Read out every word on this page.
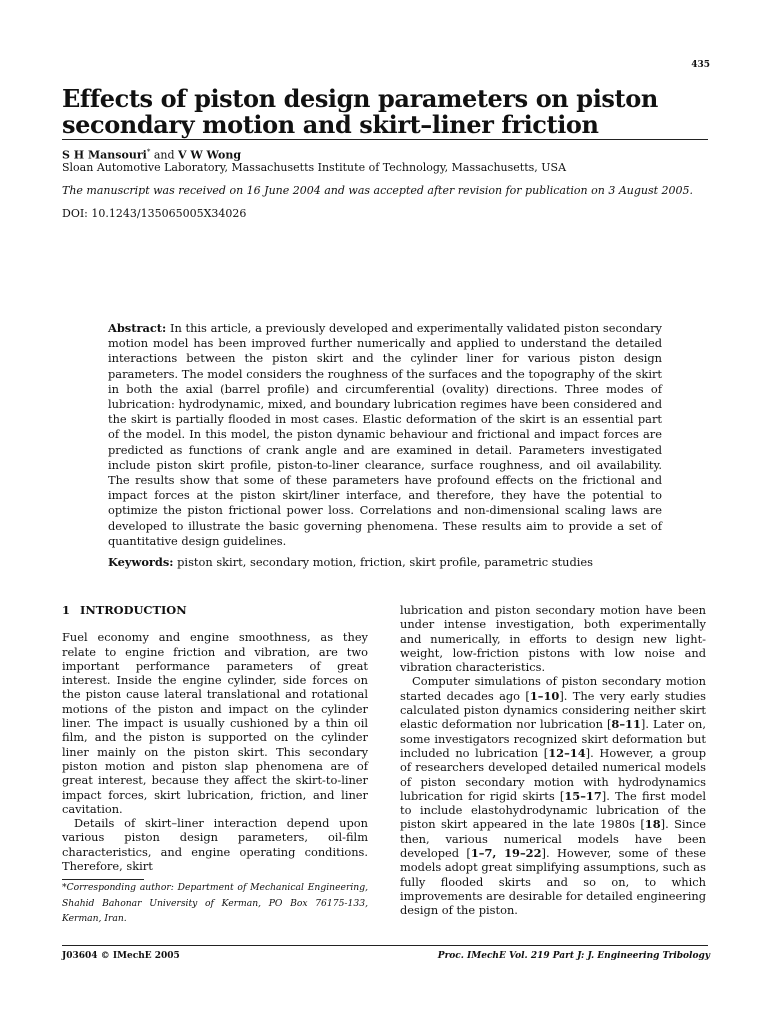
435
Effects of piston design parameters on piston secondary motion and skirt–liner friction
S H Mansouri* and V W Wong
Sloan Automotive Laboratory, Massachusetts Institute of Technology, Massachusetts, USA
The manuscript was received on 16 June 2004 and was accepted after revision for publication on 3 August 2005.
DOI: 10.1243/135065005X34026
Abstract: In this article, a previously developed and experimentally validated piston secondary motion model has been improved further numerically and applied to understand the detailed interactions between the piston skirt and the cylinder liner for various piston design parameters. The model considers the roughness of the surfaces and the topography of the skirt in both the axial (barrel profile) and circumferential (ovality) directions. Three modes of lubrication: hydrodynamic, mixed, and boundary lubrication regimes have been considered and the skirt is partially flooded in most cases. Elastic deformation of the skirt is an essential part of the model. In this model, the piston dynamic behaviour and frictional and impact forces are predicted as functions of crank angle and are examined in detail. Parameters investigated include piston skirt profile, piston-to-liner clearance, surface roughness, and oil availability. The results show that some of these parameters have profound effects on the frictional and impact forces at the piston skirt/liner interface, and therefore, they have the potential to optimize the piston frictional power loss. Correlations and non-dimensional scaling laws are developed to illustrate the basic governing phenomena. These results aim to provide a set of quantitative design guidelines.
Keywords: piston skirt, secondary motion, friction, skirt profile, parametric studies
1 INTRODUCTION

Fuel economy and engine smoothness, as they relate to engine friction and vibration, are two important performance parameters of great interest. Inside the engine cylinder, side forces on the piston cause lateral translational and rotational motions of the piston and impact on the cylinder liner. The impact is usually cushioned by a thin oil film, and the piston is supported on the cylinder liner mainly on the piston skirt. This secondary piston motion and piston slap phenomena are of great interest, because they affect the skirt-to-liner impact forces, skirt lubrication, friction, and liner cavitation.

Details of skirt–liner interaction depend upon various piston design parameters, oil-film characteristics, and engine operating conditions. Therefore, skirt

lubrication and piston secondary motion have been under intense investigation, both experimentally and numerically, in efforts to design new light-weight, low-friction pistons with low noise and vibration characteristics.

Computer simulations of piston secondary motion started decades ago [1–10]. The very early studies calculated piston dynamics considering neither skirt elastic deformation nor lubrication [8–11]. Later on, some investigators recognized skirt deformation but included no lubrication [12–14]. However, a group of researchers developed detailed numerical models of piston secondary motion with hydrodynamics lubrication for rigid skirts [15–17]. The first model to include elastohydrodynamic lubrication of the piston skirt appeared in the late 1980s [18]. Since then, various numerical models have been developed [1–7, 19–22]. However, some of these models adopt great simplifying assumptions, such as fully flooded skirts and so on, to which improvements are desirable for detailed engineering design of the piston.

*Corresponding author: Department of Mechanical Engineering, Shahid Bahonar University of Kerman, PO Box 76175-133, Kerman, Iran.
J03604 © IMechE 2005	Proc. IMechE Vol. 219 Part J: J. Engineering Tribology
